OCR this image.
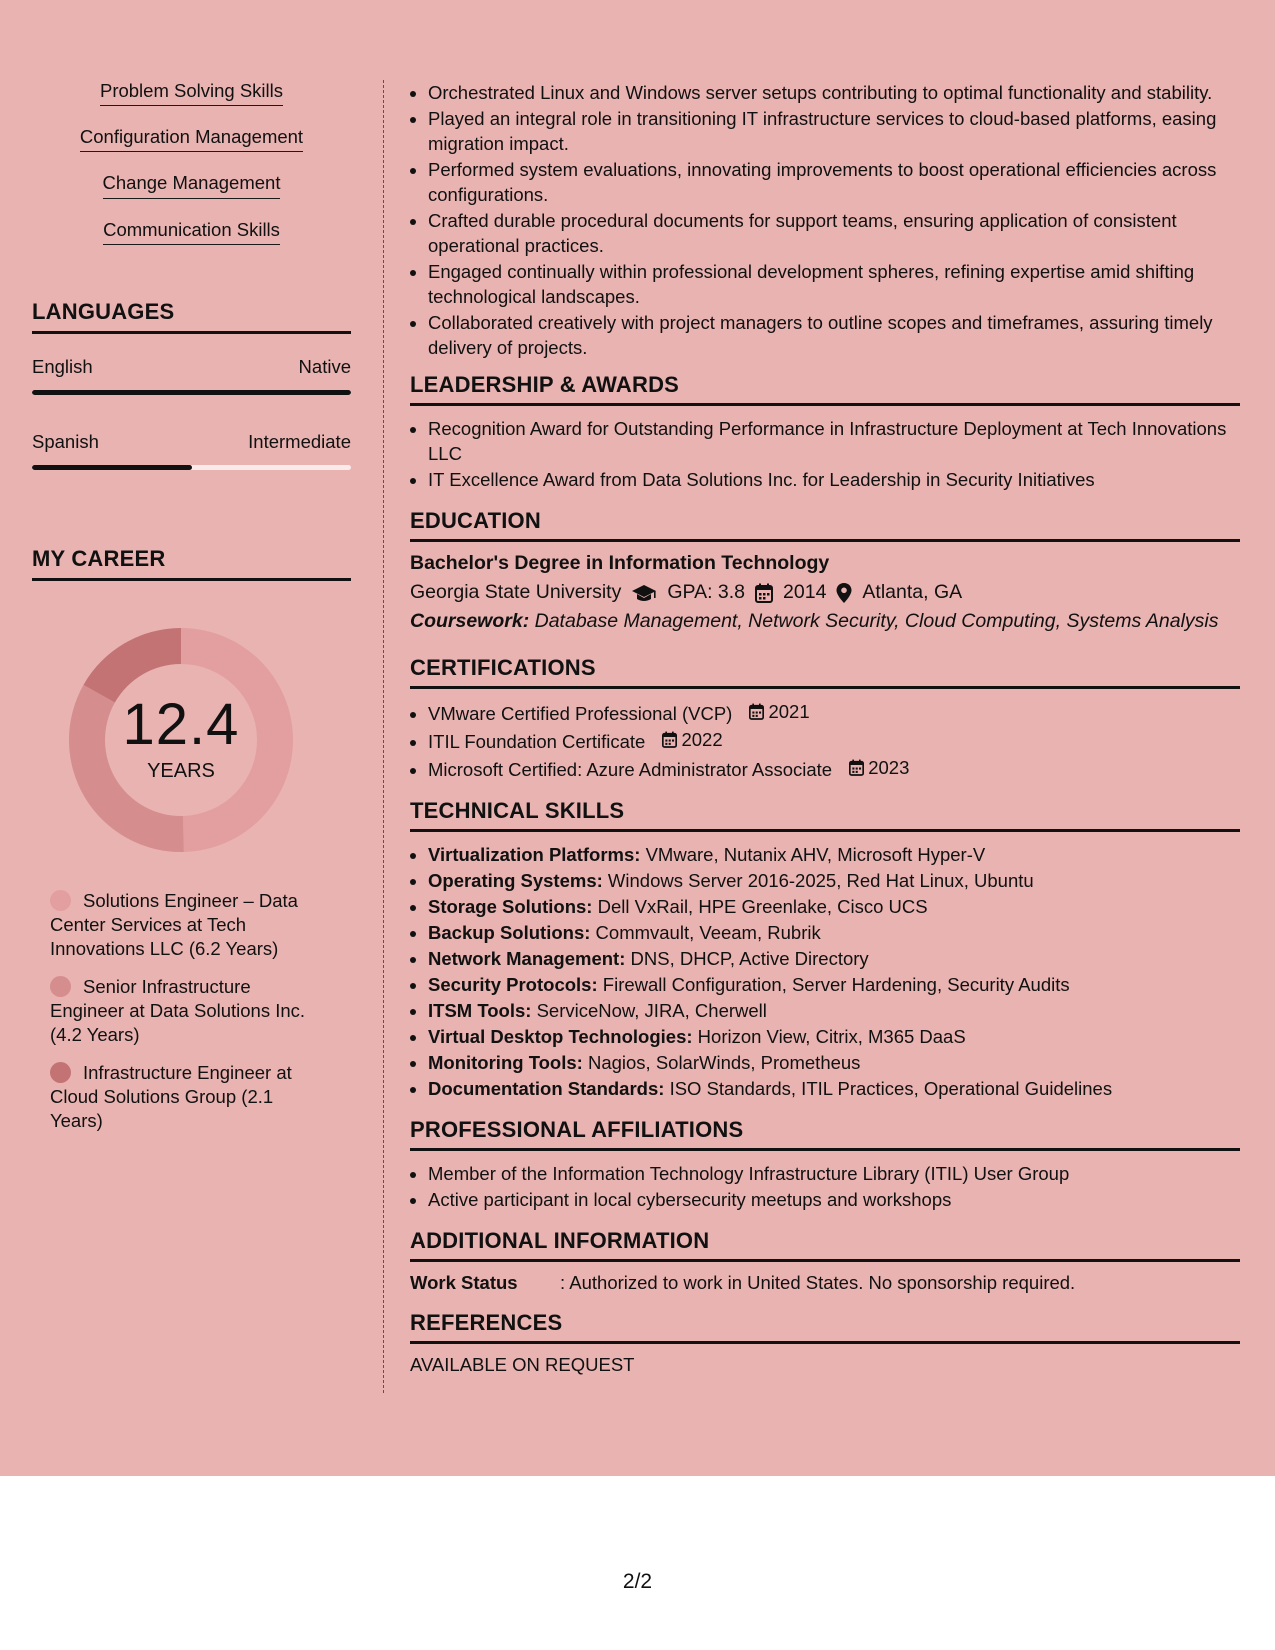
Problem Solving Skills
Configuration Management
Change Management
Communication Skills
LANGUAGES
English	Native
Spanish	Intermediate
MY CAREER
12.4
YEARS
Solutions Engineer – Data Center Services at Tech Innovations LLC (6.2 Years)
Senior Infrastructure Engineer at Data Solutions Inc. (4.2 Years)
Infrastructure Engineer at Cloud Solutions Group (2.1 Years)
• Orchestrated Linux and Windows server setups contributing to optimal functionality and stability.
• Played an integral role in transitioning IT infrastructure services to cloud-based platforms, easing migration impact.
• Performed system evaluations, innovating improvements to boost operational efficiencies across configurations.
• Crafted durable procedural documents for support teams, ensuring application of consistent operational practices.
• Engaged continually within professional development spheres, refining expertise amid shifting technological landscapes.
• Collaborated creatively with project managers to outline scopes and timeframes, assuring timely delivery of projects.
LEADERSHIP & AWARDS
• Recognition Award for Outstanding Performance in Infrastructure Deployment at Tech Innovations LLC
• IT Excellence Award from Data Solutions Inc. for Leadership in Security Initiatives
EDUCATION
Bachelor's Degree in Information Technology
Georgia State University GPA: 3.8 2014 Atlanta, GA
Coursework: Database Management, Network Security, Cloud Computing, Systems Analysis
CERTIFICATIONS
• VMware Certified Professional (VCP) 2021
• ITIL Foundation Certificate 2022
• Microsoft Certified: Azure Administrator Associate 2023
TECHNICAL SKILLS
• Virtualization Platforms: VMware, Nutanix AHV, Microsoft Hyper-V
• Operating Systems: Windows Server 2016-2025, Red Hat Linux, Ubuntu
• Storage Solutions: Dell VxRail, HPE Greenlake, Cisco UCS
• Backup Solutions: Commvault, Veeam, Rubrik
• Network Management: DNS, DHCP, Active Directory
• Security Protocols: Firewall Configuration, Server Hardening, Security Audits
• ITSM Tools: ServiceNow, JIRA, Cherwell
• Virtual Desktop Technologies: Horizon View, Citrix, M365 DaaS
• Monitoring Tools: Nagios, SolarWinds, Prometheus
• Documentation Standards: ISO Standards, ITIL Practices, Operational Guidelines
PROFESSIONAL AFFILIATIONS
• Member of the Information Technology Infrastructure Library (ITIL) User Group
• Active participant in local cybersecurity meetups and workshops
ADDITIONAL INFORMATION
Work Status	: Authorized to work in United States. No sponsorship required.
REFERENCES
AVAILABLE ON REQUEST
2/2
